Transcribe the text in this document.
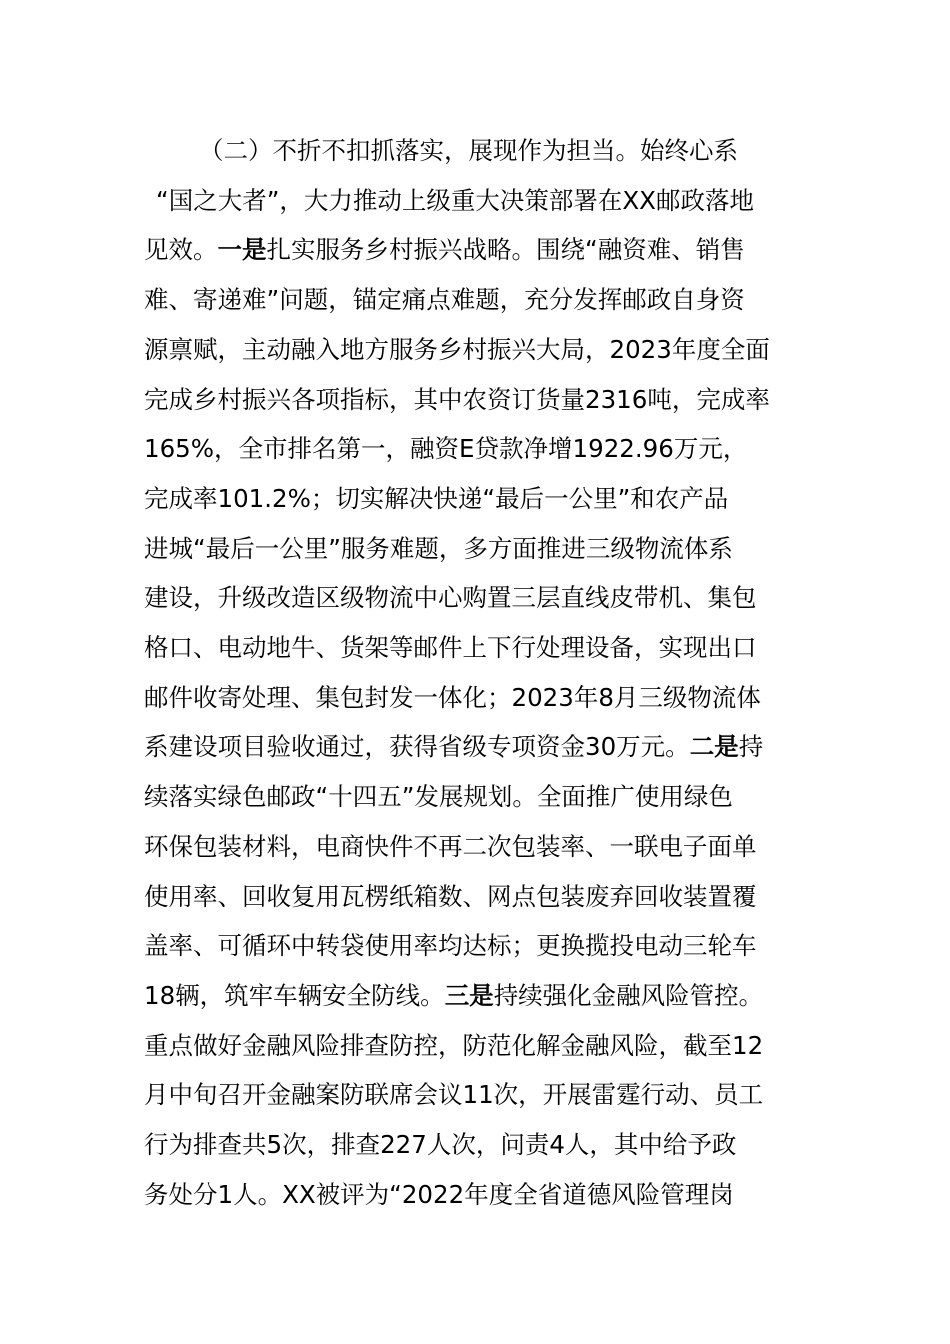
（二）不折不扣抓落实，展现作为担当。始终心系
“国之大者”，大力推动上级重大决策部署在XX邮政落地
见效。一是扎实服务乡村振兴战略。围绕“融资难、销售
难、寄递难”问题，锚定痛点难题，充分发挥邮政自身资
源禀赋，主动融入地方服务乡村振兴大局，2023年度全面
完成乡村振兴各项指标，其中农资订货量2316吨，完成率
165%，全市排名第一，融资E贷款净增1922.96万元，
完成率101.2%；切实解决快递“最后一公里”和农产品
进城“最后一公里”服务难题，多方面推进三级物流体系
建设，升级改造区级物流中心购置三层直线皮带机、集包
格口、电动地牛、货架等邮件上下行处理设备，实现出口
邮件收寄处理、集包封发一体化；2023年8月三级物流体
系建设项目验收通过，获得省级专项资金30万元。二是持
续落实绿色邮政“十四五”发展规划。全面推广使用绿色
环保包装材料，电商快件不再二次包装率、一联电子面单
使用率、回收复用瓦楞纸箱数、网点包装废弃回收装置覆
盖率、可循环中转袋使用率均达标；更换揽投电动三轮车
18辆，筑牢车辆安全防线。三是持续强化金融风险管控。
重点做好金融风险排查防控，防范化解金融风险，截至12
月中旬召开金融案防联席会议11次，开展雷霆行动、员工
行为排查共5次，排查227人次，问责4人，其中给予政
务处分1人。XX被评为“2022年度全省道德风险管理岗
